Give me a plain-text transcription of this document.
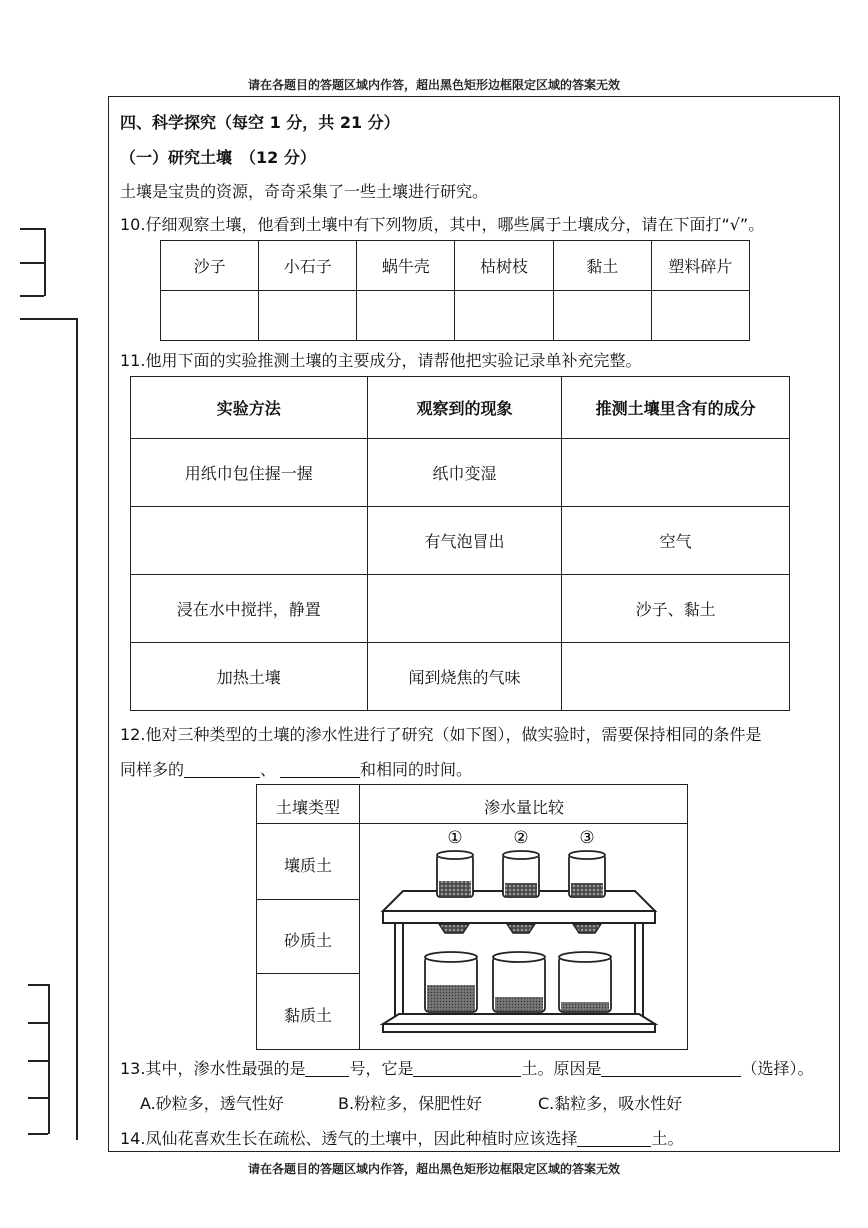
请在各题目的答题区域内作答，超出黑色矩形边框限定区域的答案无效
请在各题目的答题区域内作答，超出黑色矩形边框限定区域的答案无效
四、科学探究（每空 1 分，共 21 分）
（一）研究土壤　（12 分）
土壤是宝贵的资源，奇奇采集了一些土壤进行研究。
10.仔细观察土壤，他看到土壤中有下列物质，其中，哪些属于土壤成分，请在下面打“√”。
沙子	小石子	蜗牛壳	枯树枝	黏土	塑料碎片

11.他用下面的实验推测土壤的主要成分，请帮他把实验记录单补充完整。
实验方法	观察到的现象	推测土壤里含有的成分
用纸巾包住握一握	纸巾变湿	
	有气泡冒出	空气
浸在水中搅拌，静置		沙子、黏土
加热土壤	闻到烧焦的气味	
12.他对三种类型的土壤的渗水性进行了研究（如下图），做实验时，需要保持相同的条件是
同样多的	、	和相同的时间。
土壤类型	渗水量比较
壤质土
砂质土
黏质土
①	②	③
13.其中，渗水性最强的是	号，它是	土。原因是	（选择）。
A.砂粒多，透气性好	B.粉粒多，保肥性好	C.黏粒多，吸水性好
14.凤仙花喜欢生长在疏松、透气的土壤中，因此种植时应该选择	土。
